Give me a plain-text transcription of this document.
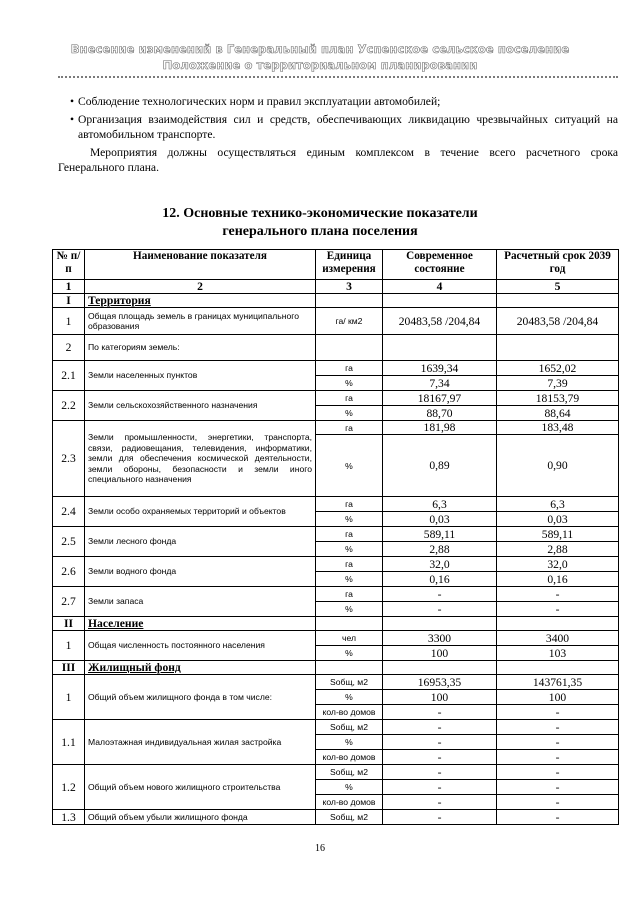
Внесение изменений в Генеральный план Успенское сельское поселение
Положение о территориальном планировании
• Соблюдение технологических норм и правил эксплуатации автомобилей;
• Организация взаимодействия сил и средств, обеспечивающих ликвидацию чрезвычайных ситуаций на автомобильном транспорте.
Мероприятия должны осуществляться единым комплексом в течение всего расчетного срока Генерального плана.
12. Основные технико-экономические показатели
генерального плана поселения
№ п/п	Наименование показателя	Единица измерения	Современное состояние	Расчетный срок 2039 год
1	2	3	4	5
I	Территория			
1	Общая площадь земель в границах муниципального образования	га/ км2	20483,58 /204,84	20483,58 /204,84
2	По категориям земель:			
2.1	Земли населенных пунктов	га	1639,34	1652,02
		%	7,34	7,39
2.2	Земли сельскохозяйственного назначения	га	18167,97	18153,79
		%	88,70	88,64
2.3	Земли промышленности, энергетики, транспорта, связи, радиовещания, телевидения, информатики, земли для обеспечения космической деятельности, земли обороны, безопасности и земли иного специального назначения	га	181,98	183,48
		%	0,89	0,90
2.4	Земли особо охраняемых территорий и объектов	га	6,3	6,3
		%	0,03	0,03
2.5	Земли лесного фонда	га	589,11	589,11
		%	2,88	2,88
2.6	Земли водного фонда	га	32,0	32,0
		%	0,16	0,16
2.7	Земли запаса	га	-	-
		%	-	-
II	Население			
1	Общая численность постоянного населения	чел	3300	3400
		%	100	103
III	Жилищный фонд			
1	Общий объем жилищного фонда в том числе:	Sобщ, м2	16953,35	143761,35
		%	100	100
		кол-во домов	-	-
1.1	Малоэтажная индивидуальная жилая застройка	Sобщ, м2	-	-
		%	-	-
		кол-во домов	-	-
1.2	Общий объем нового жилищного строительства	Sобщ, м2	-	-
		%	-	-
		кол-во домов	-	-
1.3	Общий объем убыли жилищного фонда	Sобщ, м2	-	-
16
